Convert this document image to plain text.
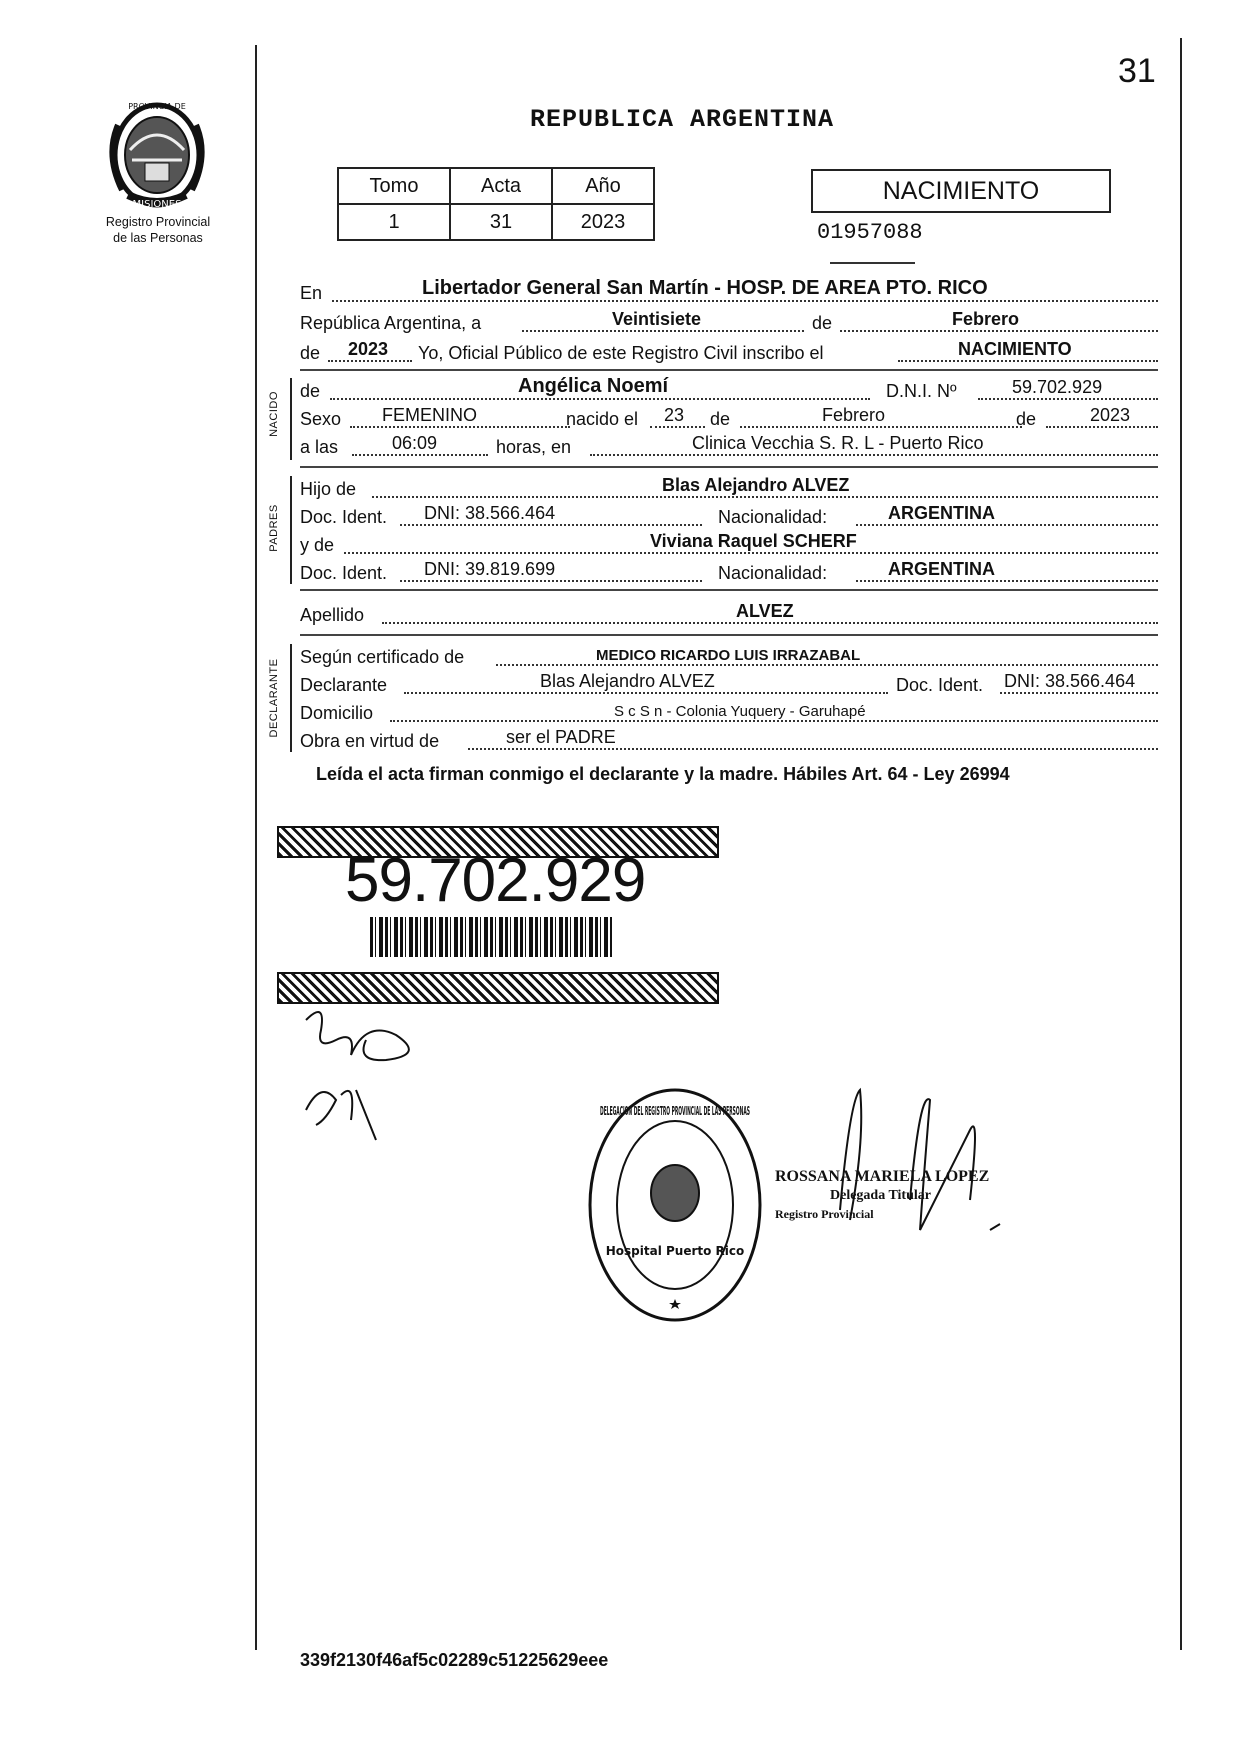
31
MISIONES
PROVINCIA DE
Registro Provincial
de las Personas
REPUBLICA ARGENTINA
Tomo	Acta	Año
1	31	2023
NACIMIENTO
01957088
En	Libertador General San Martín - HOSP. DE AREA PTO. RICO
República Argentina, a	Veintisiete	de	Febrero
de 2023 Yo, Oficial Público de este Registro Civil inscribo el	NACIMIENTO
NACIDO
de	Angélica Noemí	D.N.I. Nº	59.702.929
Sexo FEMENINO	nacido el 23 de	Febrero	de	2023
a las	06:09	horas, en	Clinica Vecchia S. R. L - Puerto Rico
PADRES
Hijo de	Blas Alejandro ALVEZ
Doc. Ident. DNI: 38.566.464	Nacionalidad:	ARGENTINA
y de	Viviana Raquel SCHERF
Doc. Ident. DNI: 39.819.699	Nacionalidad:	ARGENTINA
Apellido	ALVEZ
DECLARANTE
Según certificado de	MEDICO RICARDO LUIS IRRAZABAL
Declarante	Blas Alejandro ALVEZ	Doc. Ident. DNI: 38.566.464
Domicilio	S c S n - Colonia Yuquery - Garuhapé
Obra en virtud de	ser el PADRE
Leída el acta firman conmigo el declarante y la madre. Hábiles Art. 64 - Ley 26994
59.702.929
DELEGACION DEL REGISTRO PROVINCIAL DE LAS PERSONAS
Hospital Puerto Rico
ROSSANA MARIELA LOPEZ
Delegada Titular
Registro Provincial
339f2130f46af5c02289c51225629eee
